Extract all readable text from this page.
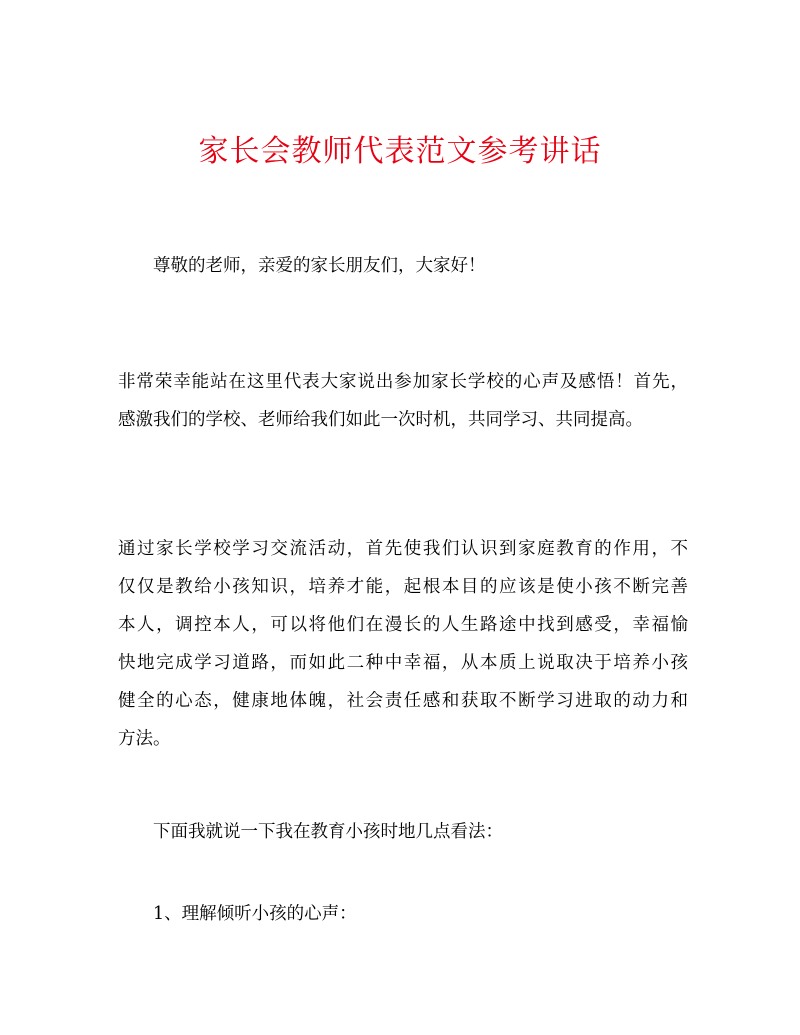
家长会教师代表范文参考讲话

尊敬的老师，亲爱的家长朋友们，大家好！

非常荣幸能站在这里代表大家说出参加家长学校的心声及感悟！首先，
感激我们的学校、老师给我们如此一次时机，共同学习、共同提高。

通过家长学校学习交流活动，首先使我们认识到家庭教育的作用，不
仅仅是教给小孩知识，培养才能，起根本目的应该是使小孩不断完善
本人，调控本人，可以将他们在漫长的人生路途中找到感受，幸福愉
快地完成学习道路，而如此二种中幸福，从本质上说取决于培养小孩
健全的心态，健康地体魄，社会责任感和获取不断学习进取的动力和
方法。

下面我就说一下我在教育小孩时地几点看法：

1、理解倾听小孩的心声：
